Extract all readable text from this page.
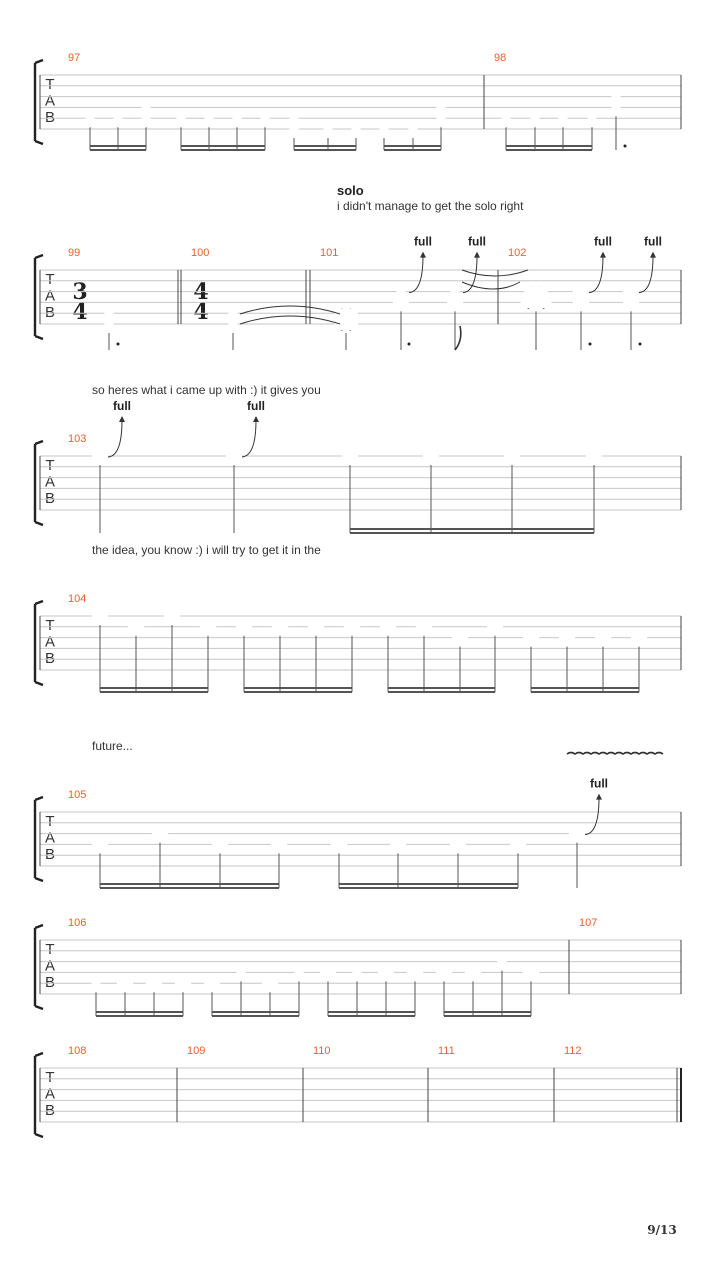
T
A
B
97	98
solo
i didn't manage to get the solo right
T
A
B
99
3
4
100
4
4
101	102
full	full	full	full
so heres what i came up with :) it gives you
T
A
B
103
full	full
the idea, you know :) i will try to get it in the
T
A
B
104
future...
T
A
B
105
full
T
A
B
106	107
T
A
B
108	109	110	111	112
9/13
